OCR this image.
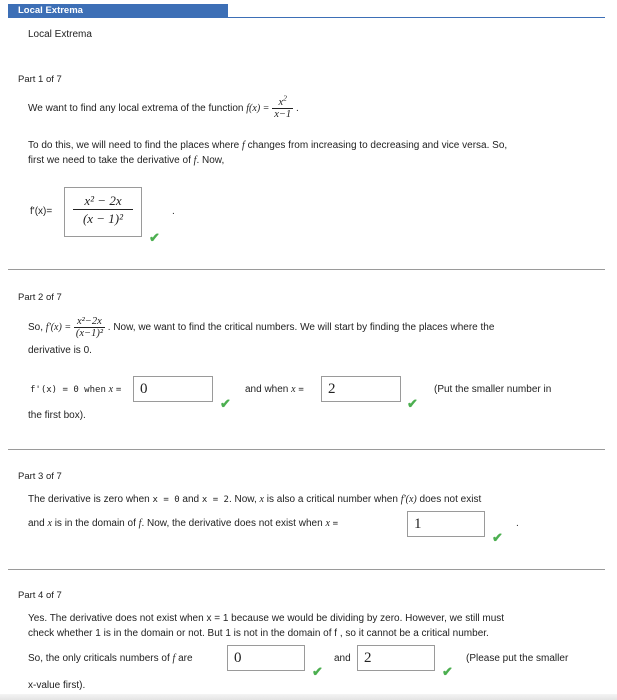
Local Extrema
Local Extrema
Part 1 of 7
We want to find any local extrema of the function $f(x) = \frac{x^2}{x-1}$ .
To do this, we will need to find the places where f changes from increasing to decreasing and vice versa. So,
first we need to take the derivative of f. Now,
$f'(x)= \frac{\text{x² − 2x}}{\text{(x − 1)²}}$	.
✔
Part 2 of 7
So, $f'(x) = \frac{\text{x²−2x}}{\text{(x−1)²}}$ . Now, we want to find the critical numbers. We will start by finding the places where the
derivative is 0.
f'(x) = 0 when x =	0
✔
and when x =	2
✔
(Put the smaller number in
the first box).
Part 3 of 7
The derivative is zero when x = 0 and x = 2. Now, x is also a critical number when f'(x) does not exist
and x is in the domain of f. Now, the derivative does not exist when x =	1	.
✔
Part 4 of 7
Yes. The derivative does not exist when x = 1 because we would be dividing by zero. However, we still must
check whether 1 is in the domain or not. But 1 is not in the domain of f , so it cannot be a critical number.
So, the only criticals numbers of f are	0
✔
and 2
✔
(Please put the smaller
x-value first).
